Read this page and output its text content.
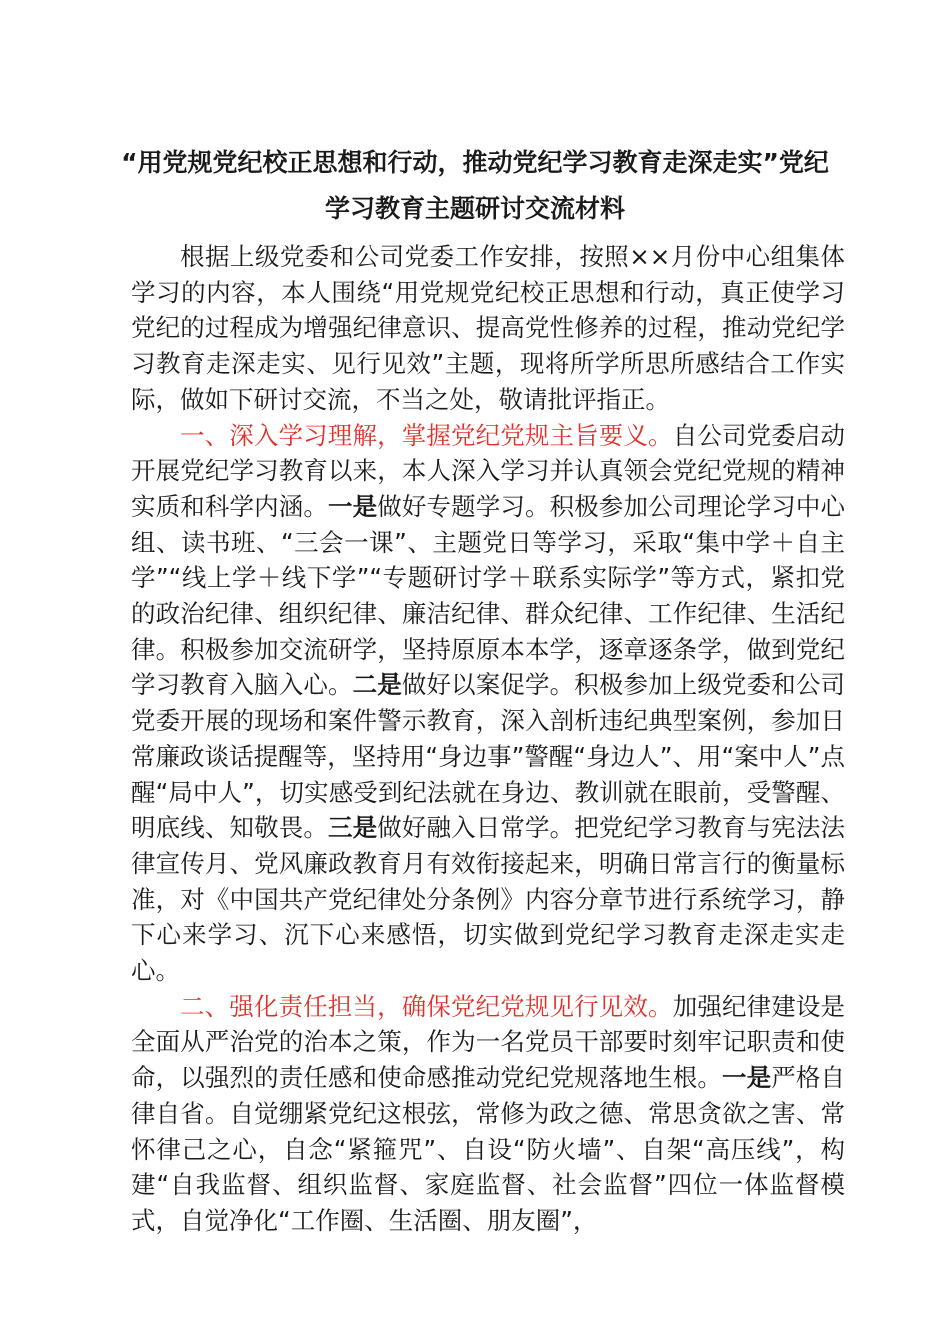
“用党规党纪校正思想和行动，推动党纪学习教育走深走实”党纪学习教育主题研讨交流材料

根据上级党委和公司党委工作安排，按照××月份中心组集体学习的内容，本人围绕“用党规党纪校正思想和行动，真正使学习党纪的过程成为增强纪律意识、提高党性修养的过程，推动党纪学习教育走深走实、见行见效”主题，现将所学所思所感结合工作实际，做如下研讨交流，不当之处，敬请批评指正。

一、深入学习理解，掌握党纪党规主旨要义。自公司党委启动开展党纪学习教育以来，本人深入学习并认真领会党纪党规的精神实质和科学内涵。一是做好专题学习。积极参加公司理论学习中心组、读书班、“三会一课”、主题党日等学习，采取“集中学＋自主学”“线上学＋线下学”“专题研讨学＋联系实际学”等方式，紧扣党的政治纪律、组织纪律、廉洁纪律、群众纪律、工作纪律、生活纪律。积极参加交流研学，坚持原原本本学，逐章逐条学，做到党纪学习教育入脑入心。二是做好以案促学。积极参加上级党委和公司党委开展的现场和案件警示教育，深入剖析违纪典型案例，参加日常廉政谈话提醒等，坚持用“身边事”警醒“身边人”、用“案中人”点醒“局中人”，切实感受到纪法就在身边、教训就在眼前，受警醒、明底线、知敬畏。三是做好融入日常学。把党纪学习教育与宪法法律宣传月、党风廉政教育月有效衔接起来，明确日常言行的衡量标准，对《中国共产党纪律处分条例》内容分章节进行系统学习，静下心来学习、沉下心来感悟，切实做到党纪学习教育走深走实走心。

二、强化责任担当，确保党纪党规见行见效。加强纪律建设是全面从严治党的治本之策，作为一名党员干部要时刻牢记职责和使命，以强烈的责任感和使命感推动党纪党规落地生根。一是严格自律自省。自觉绷紧党纪这根弦，常修为政之德、常思贪欲之害、常怀律己之心，自念“紧箍咒”、自设“防火墙”、自架“高压线”，构建“自我监督、组织监督、家庭监督、社会监督”四位一体监督模式，自觉净化“工作圈、生活圈、朋友圈”，
